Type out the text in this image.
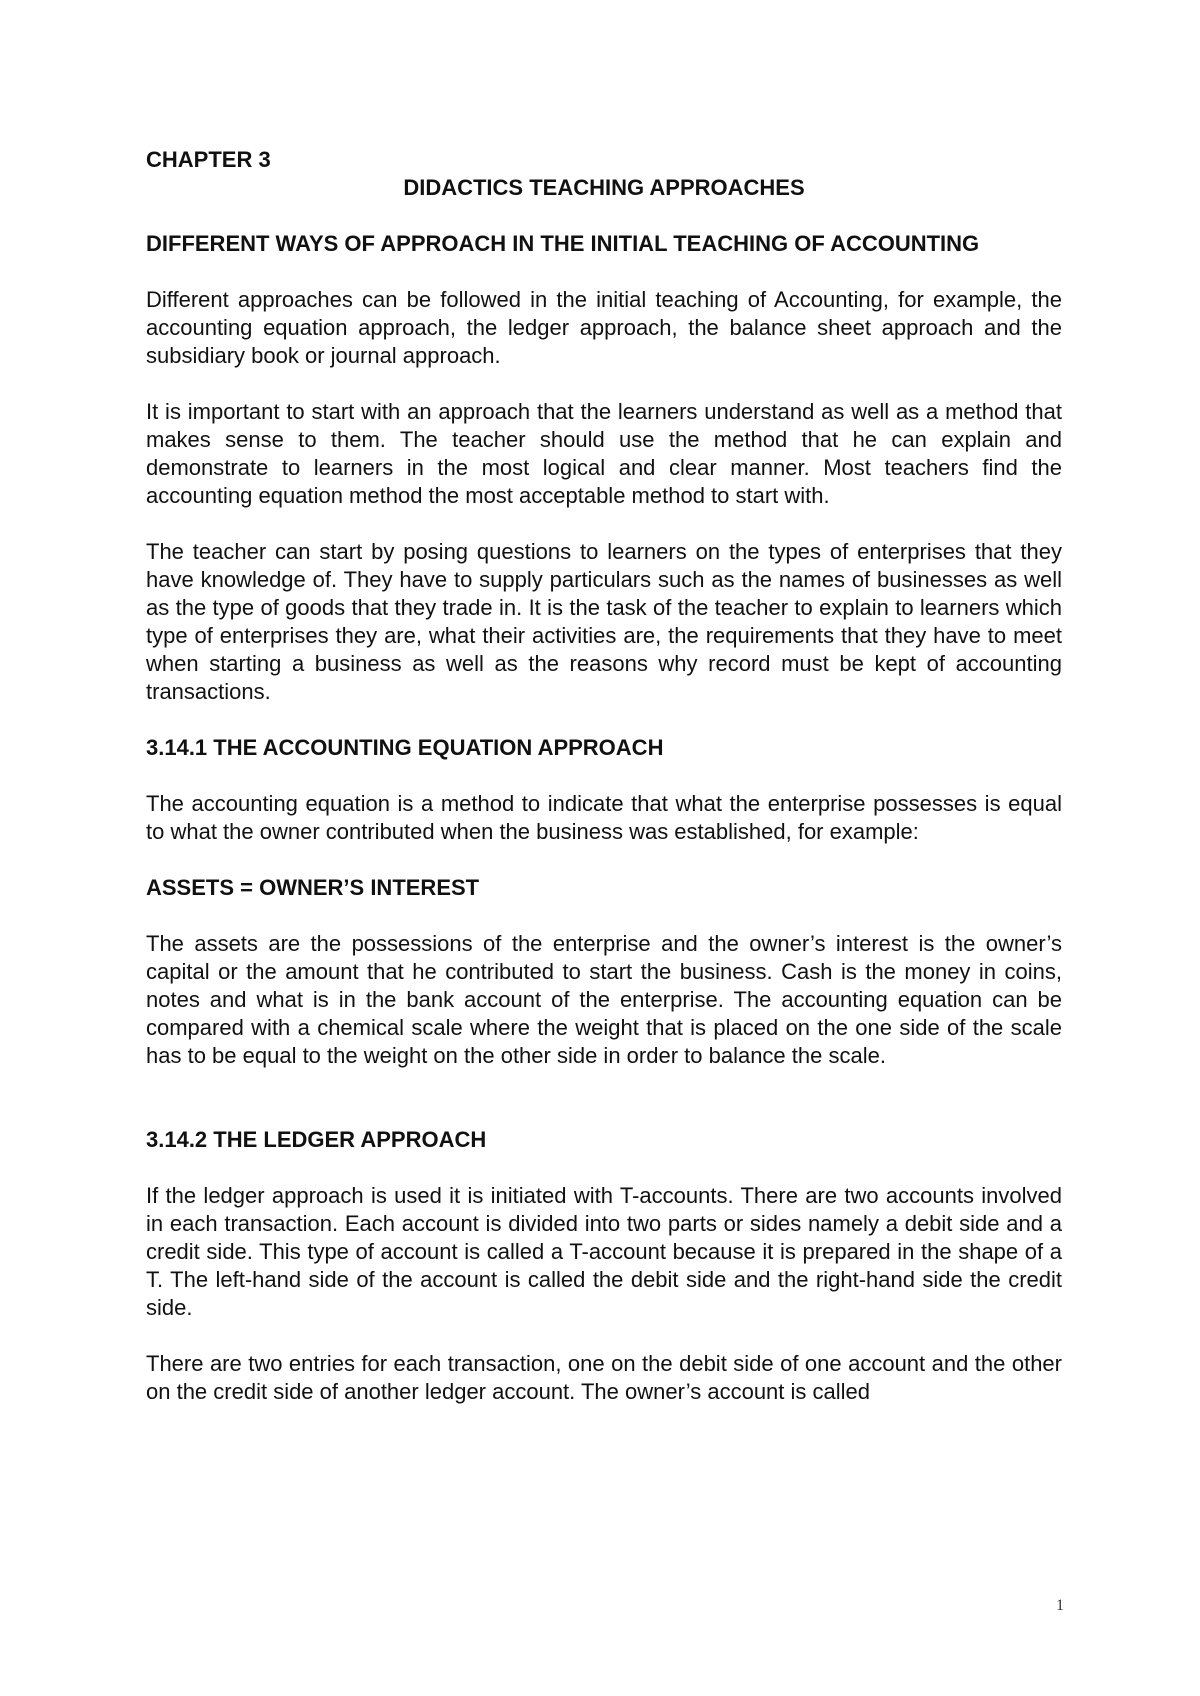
CHAPTER 3
DIDACTICS TEACHING APPROACHES
DIFFERENT WAYS OF APPROACH IN THE INITIAL TEACHING OF ACCOUNTING

Different approaches can be followed in the initial teaching of Accounting, for example, the accounting equation approach, the ledger approach, the balance sheet approach and the subsidiary book or journal approach.

It is important to start with an approach that the learners understand as well as a method that makes sense to them. The teacher should use the method that he can explain and demonstrate to learners in the most logical and clear manner. Most teachers find the accounting equation method the most acceptable method to start with.

The teacher can start by posing questions to learners on the types of enterprises that they have knowledge of. They have to supply particulars such as the names of businesses as well as the type of goods that they trade in. It is the task of the teacher to explain to learners which type of enterprises they are, what their activities are, the requirements that they have to meet when starting a business as well as the reasons why record must be kept of accounting transactions.

3.14.1 THE ACCOUNTING EQUATION APPROACH

The accounting equation is a method to indicate that what the enterprise possesses is equal to what the owner contributed when the business was established, for example:

ASSETS = OWNER’S INTEREST

The assets are the possessions of the enterprise and the owner’s interest is the owner’s capital or the amount that he contributed to start the business. Cash is the money in coins, notes and what is in the bank account of the enterprise. The accounting equation can be compared with a chemical scale where the weight that is placed on the one side of the scale has to be equal to the weight on the other side in order to balance the scale.

3.14.2 THE LEDGER APPROACH

If the ledger approach is used it is initiated with T-accounts. There are two accounts involved in each transaction. Each account is divided into two parts or sides namely a debit side and a credit side. This type of account is called a T-account because it is prepared in the shape of a T. The left-hand side of the account is called the debit side and the right-hand side the credit side.

There are two entries for each transaction, one on the debit side of one account and the other on the credit side of another ledger account. The owner’s account is called

1
